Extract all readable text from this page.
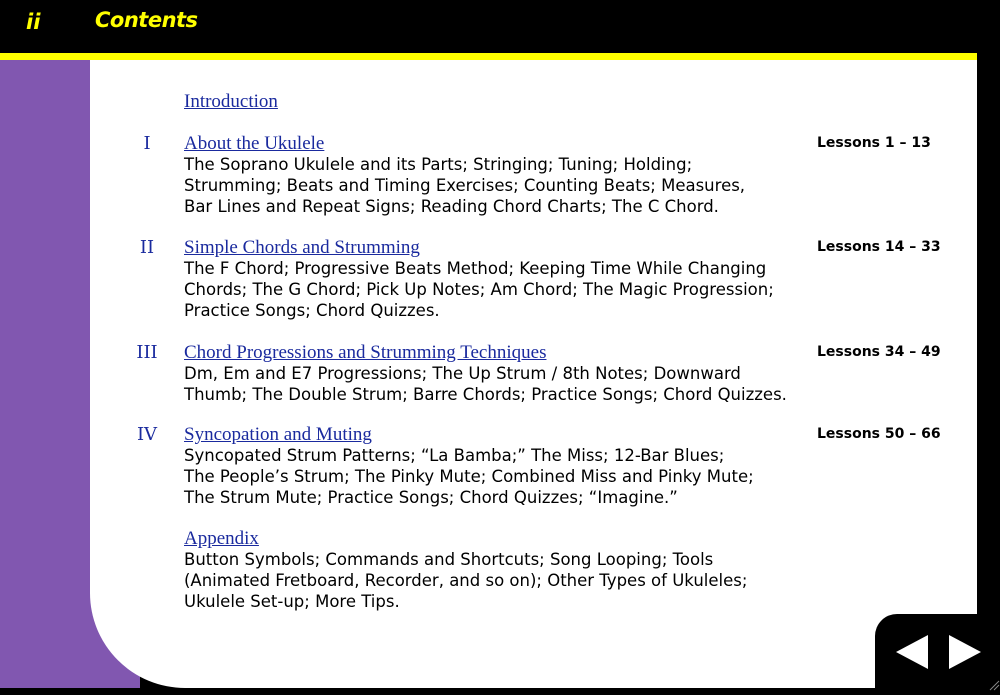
ii	Contents
Introduction
I	About the Ukulele	Lessons 1 – 13
The Soprano Ukulele and its Parts; Stringing; Tuning; Holding;
Strumming; Beats and Timing Exercises; Counting Beats; Measures,
Bar Lines and Repeat Signs; Reading Chord Charts; The C Chord.
II	Simple Chords and Strumming	Lessons 14 – 33
The F Chord; Progressive Beats Method; Keeping Time While Changing
Chords; The G Chord; Pick Up Notes; Am Chord; The Magic Progression;
Practice Songs; Chord Quizzes.
III	Chord Progressions and Strumming Techniques	Lessons 34 – 49
Dm, Em and E7 Progressions; The Up Strum / 8th Notes; Downward
Thumb; The Double Strum; Barre Chords; Practice Songs; Chord Quizzes.
IV	Syncopation and Muting	Lessons 50 – 66
Syncopated Strum Patterns; “La Bamba;” The Miss; 12-Bar Blues;
The People’s Strum; The Pinky Mute; Combined Miss and Pinky Mute;
The Strum Mute; Practice Songs; Chord Quizzes; “Imagine.”
Appendix
Button Symbols; Commands and Shortcuts; Song Looping; Tools
(Animated Fretboard, Recorder, and so on); Other Types of Ukuleles;
Ukulele Set-up; More Tips.
